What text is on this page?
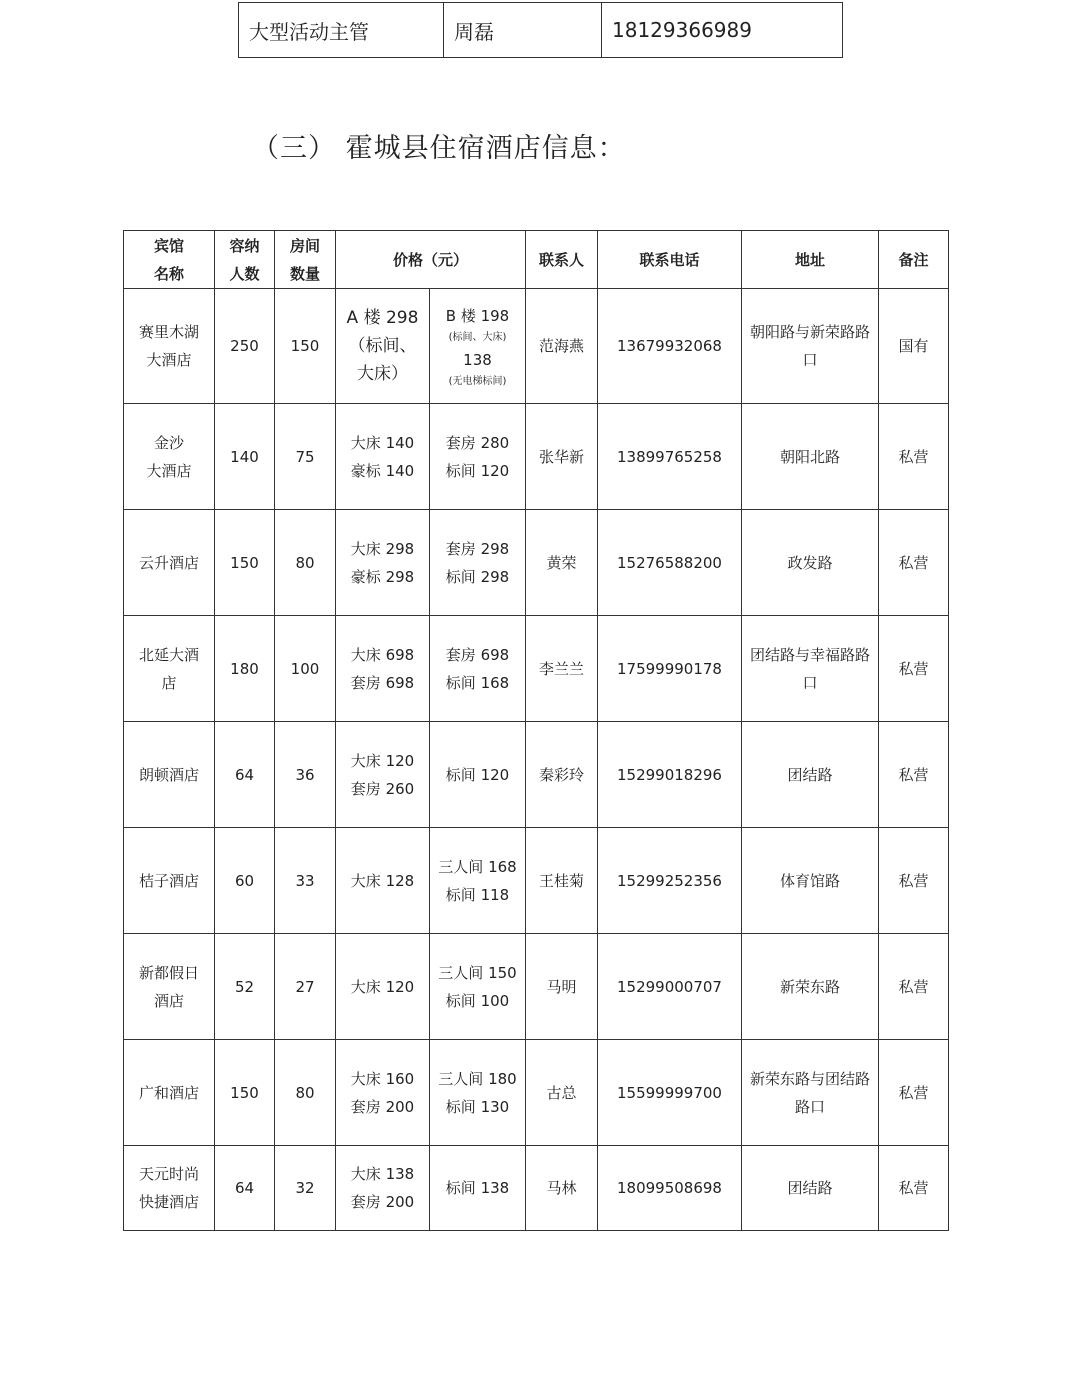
大型活动主管	周磊	18129366989
（三） 霍城县住宿酒店信息：
宾馆
名称	容纳
人数	房间
数量	价格（元）		联系人	联系电话	地址	备注

赛里木湖
大酒店	250	150	A 楼 298
（标间、
大床）	B 楼 198
(标间、大床)
138
(无电梯标间)	范海燕	13679932068	朝阳路与新荣路路
口	国有

金沙
大酒店	140	75	大床 140
豪标 140	套房 280
标间 120	张华新	13899765258	朝阳北路	私营

云升酒店	150	80	大床 298
豪标 298	套房 298
标间 298	黄荣	15276588200	政发路	私营

北延大酒
店	180	100	大床 698
套房 698	套房 698
标间 168	李兰兰	17599990178	团结路与幸福路路
口	私营

朗顿酒店	64	36	大床 120
套房 260	标间 120	秦彩玲	15299018296	团结路	私营

桔子酒店	60	33	大床 128	三人间 168
标间 118	王桂菊	15299252356	体育馆路	私营

新都假日
酒店	52	27	大床 120	三人间 150
标间 100	马明	15299000707	新荣东路	私营

广和酒店	150	80	大床 160
套房 200	三人间 180
标间 130	古总	15599999700	新荣东路与团结路
路口	私营

天元时尚
快捷酒店	64	32	大床 138
套房 200	标间 138	马林	18099508698	团结路	私营
